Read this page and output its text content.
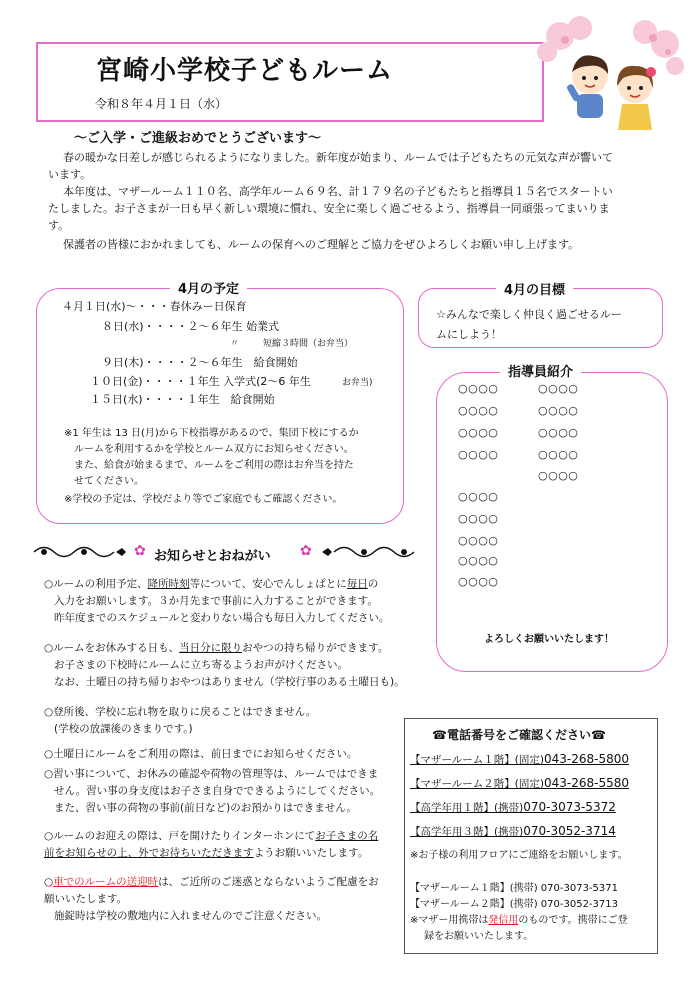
宮崎小学校子どもルーム
令和８年４月１日（水）
～ご入学・ご進級おめでとうございます～
春の暖かな日差しが感じられるようになりました。新年度が始まり、ルームでは子どもたちの元気な声が響いて
います。
本年度は、マザールーム１１０名、高学年ルーム６９名、計１７９名の子どもたちと指導員１５名でスタートい
たしました。お子さまが一日も早く新しい環境に慣れ、安全に楽しく過ごせるよう、指導員一同頑張ってまいりま
す。
保護者の皆様におかれましても、ルームの保育へのご理解とご協力をぜひよろしくお願い申し上げます。
4月の予定
４月１日(水)～・・・春休みー日保育
８日(水)・・・・２～６年生 始業式
〃	短縮３時間（お弁当）
９日(木)・・・・２～６年生　給食開始
１０日(金)・・・・１年生 入学式(2～6 年生	お弁当)
１５日(水)・・・・１年生　給食開始
※1 年生は 13 日(月)から下校指導があるので、集団下校にするか
ルームを利用するかを学校とルーム双方にお知らせください。
また、給食が始まるまで、ルームをご利用の際はお弁当を持た
せてください。
※学校の予定は、学校だより等でご家庭でもご確認ください。
4月の目標
☆みんなで楽しく仲良く過ごせるルー
ムにしよう！
指導員紹介
○○○○
○○○○
○○○○
○○○○
○○○○
○○○○
○○○○
○○○○
○○○○
○○○○
○○○○
○○○○
○○○○
○○○○
よろしくお願いいたします！
✿ お知らせとおねがい ✿
○ルームの利用予定、降所時刻等について、安心でんしょばとに毎日の
入力をお願いします。３か月先まで事前に入力することができます。
昨年度までのスケジュールと変わりない場合も毎日入力してください。
○ルームをお休みする日も、当日分に限りおやつの持ち帰りができます。
お子さまの下校時にルームに立ち寄るようお声がけください。
なお、土曜日の持ち帰りおやつはありません（学校行事のある土曜日も)。
○登所後、学校に忘れ物を取りに戻ることはできません。
(学校の放課後のきまりです。)
○土曜日にルームをご利用の際は、前日までにお知らせください。
○習い事について、お休みの確認や荷物の管理等は、ルームではできま
せん。習い事の身支度はお子さま自身でできるようにしてください。
また、習い事の荷物の事前(前日など)のお預かりはできません。
○ルームのお迎えの際は、戸を開けたりインターホンにてお子さまの名
前をお知らせの上、外でお待ちいただきますようお願いいたします。
○車でのルームの送迎時は、ご近所のご迷惑とならないようご配慮をお
願いいたします。
施錠時は学校の敷地内に入れませんのでご注意ください。
☎電話番号をご確認ください☎
【マザールーム１階】(固定)043-268-5800
【マザールーム２階】(固定)043-268-5580
【高学年用１階】(携帯)070-3073-5372
【高学年用３階】(携帯)070-3052-3714
※お子様の利用フロアにご連絡をお願いします。
【マザールーム１階】(携帯) 070-3073-5371
【マザールーム２階】(携帯) 070-3052-3713
※マザー用携帯は発信用のものです。携帯にご登
録をお願いいたします。
